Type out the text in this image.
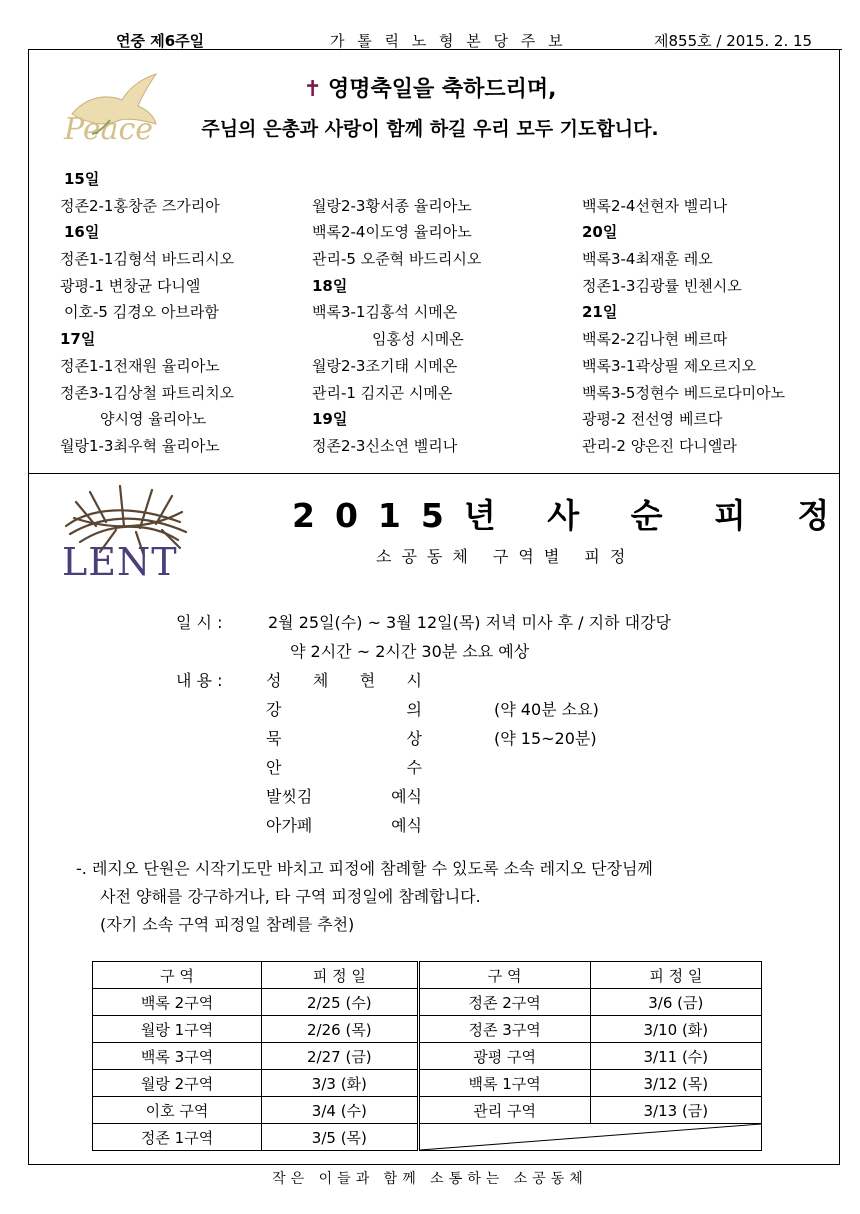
연중 제6주일	가 톨 릭 노 형 본 당 주 보	제855호 / 2015. 2. 15
Peace
✝ 영명축일을 축하드리며,
주님의 은총과 사랑이 함께 하길 우리 모두 기도합니다.
15일
정존2-1홍창준 즈가리아
16일
정존1-1김형석 바드리시오
광평-1 변창균 다니엘
이호-5 김경오 아브라함
17일
정존1-1전재원 율리아노
정존3-1김상철 파트리치오
양시영 율리아노
월랑1-3최우혁 율리아노
월랑2-3황서종 율리아노
백록2-4이도영 율리아노
관리-5 오준혁 바드리시오
18일
백록3-1김홍석 시메온
임홍성 시메온
월랑2-3조기태 시메온
관리-1 김지곤 시메온
19일
정존2-3신소연 벨리나
백록2-4선현자 벨리나
20일
백록3-4최재훈 레오
정존1-3김광률 빈첸시오
21일
백록2-2김나현 베르따
백록3-1곽상필 제오르지오
백록3-5정현수 베드로다미아노
광평-2 전선영 베르다
관리-2 양은진 다니엘라
LENT
2015년 사 순 피 정
소공동체 구역별 피정
일 시 :	2월 25일(수) ~ 3월 12일(목) 저녁 미사 후 / 지하 대강당
약 2시간 ~ 2시간 30분 소요 예상
내 용 :	성 체 현 시
강 의	(약 40분 소요)
묵 상	(약 15~20분)
안 수
발씻김 예식
아가페 예식
-. 레지오 단원은 시작기도만 바치고 피정에 참례할 수 있도록 소속 레지오 단장님께
사전 양해를 강구하거나, 타 구역 피정일에 참례합니다.
(자기 소속 구역 피정일 참례를 추천)
구 역	피 정 일	구 역	피 정 일
백록 2구역	2/25 (수)	정존 2구역	3/6 (금)
월랑 1구역	2/26 (목)	정존 3구역	3/10 (화)
백록 3구역	2/27 (금)	광평 구역	3/11 (수)
월랑 2구역	3/3 (화)	백록 1구역	3/12 (목)
이호 구역	3/4 (수)	관리 구역	3/13 (금)
정존 1구역	3/5 (목)	
작은 이들과 함께 소통하는 소공동체
